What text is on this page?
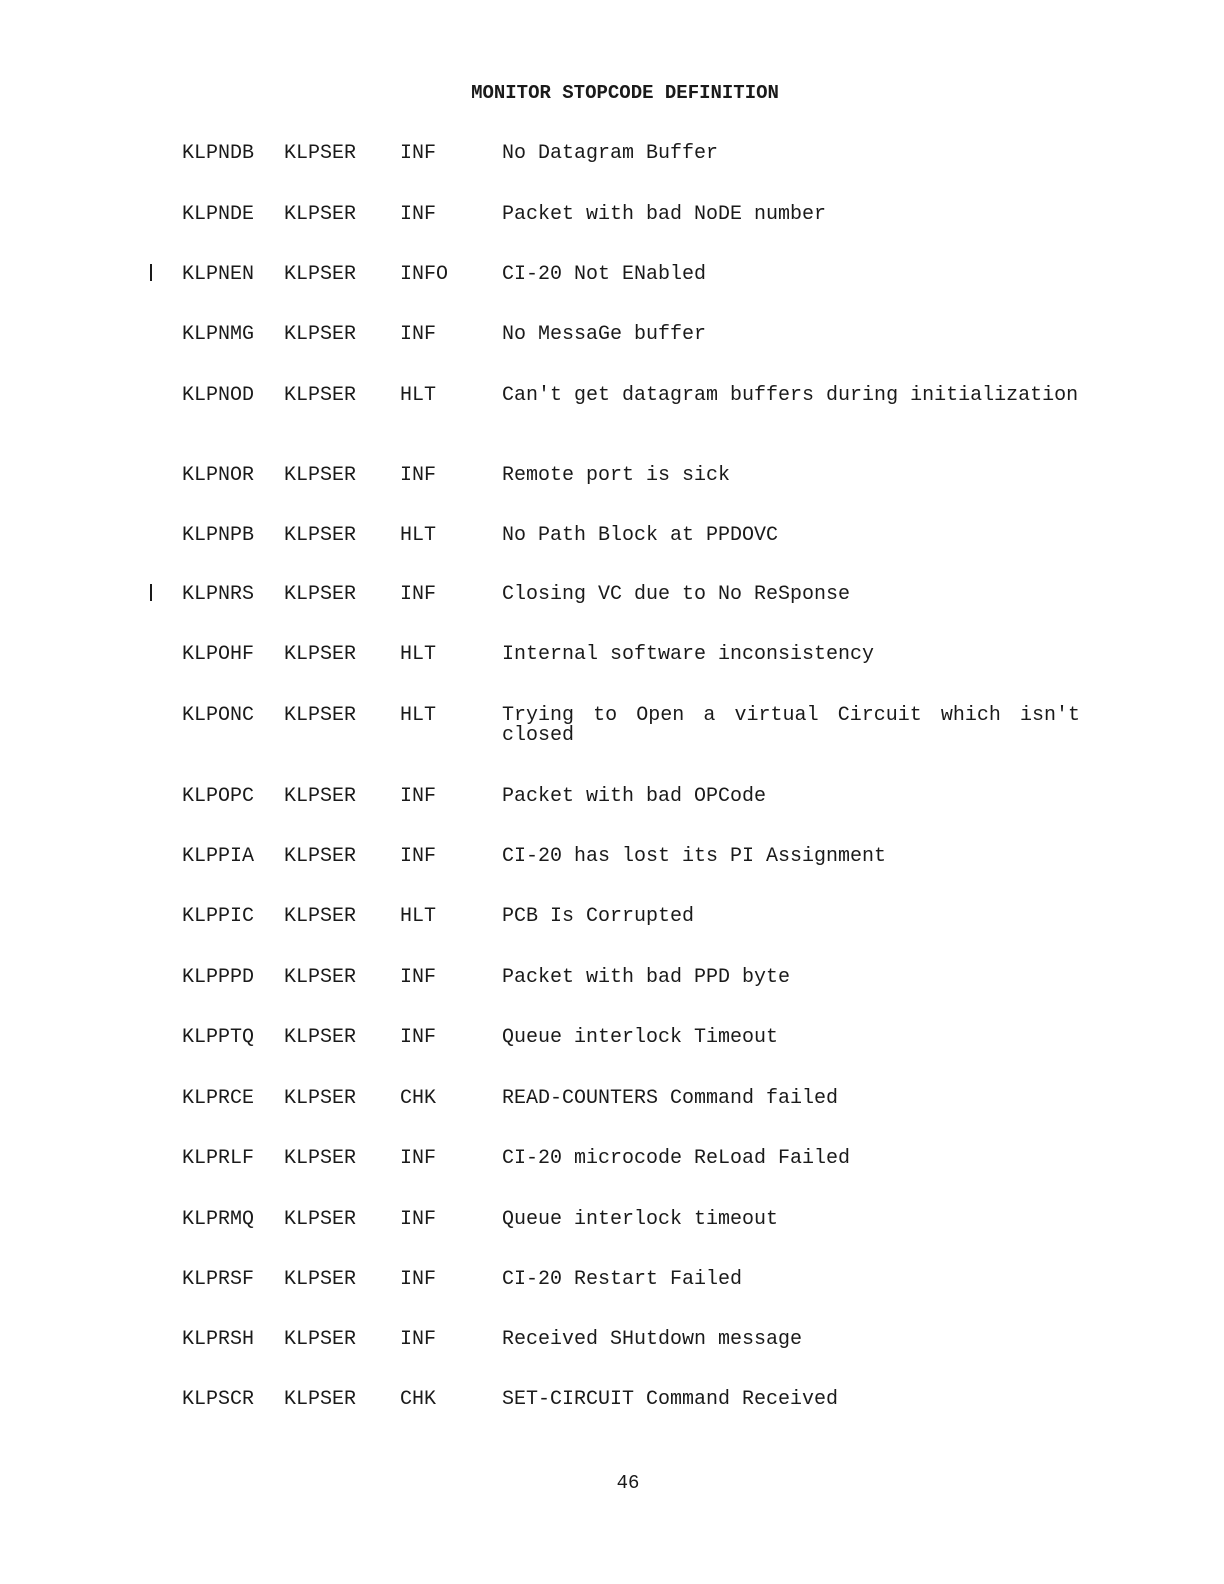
MONITOR STOPCODE DEFINITION
KLPNDB KLPSER INF	No Datagram Buffer
KLPNDE KLPSER INF	Packet with bad NoDE number
KLPNEN KLPSER INFO	CI-20 Not ENabled
KLPNMG KLPSER INF	No MessaGe buffer
KLPNOD KLPSER HLT	Can't get datagram buffers during initialization
KLPNOR KLPSER INF	Remote port is sick
KLPNPB KLPSER HLT	No Path Block at PPDOVC
KLPNRS KLPSER INF	Closing VC due to No ReSponse
KLPOHF KLPSER HLT	Internal software inconsistency
KLPONC KLPSER HLT	Trying to Open a virtual Circuit which isn't closed
KLPOPC KLPSER INF	Packet with bad OPCode
KLPPIA KLPSER INF	CI-20 has lost its PI Assignment
KLPPIC KLPSER HLT	PCB Is Corrupted
KLPPPD KLPSER INF	Packet with bad PPD byte
KLPPTQ KLPSER INF	Queue interlock Timeout
KLPRCE KLPSER CHK	READ-COUNTERS Command failed
KLPRLF KLPSER INF	CI-20 microcode ReLoad Failed
KLPRMQ KLPSER INF	Queue interlock timeout
KLPRSF KLPSER INF	CI-20 Restart Failed
KLPRSH KLPSER INF	Received SHutdown message
KLPSCR KLPSER CHK	SET-CIRCUIT Command Received
46
